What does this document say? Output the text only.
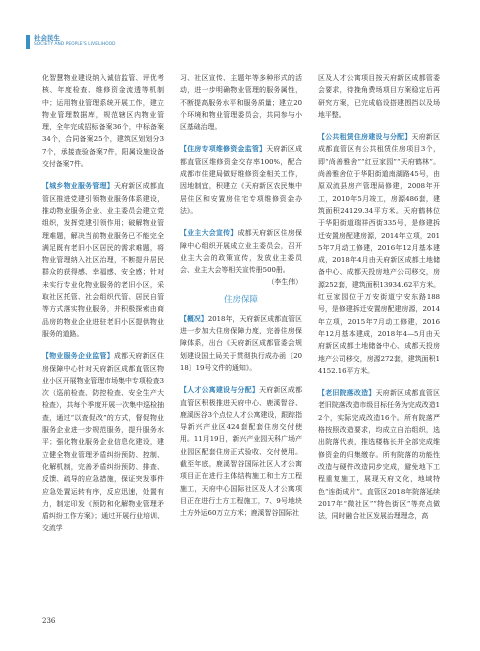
社会民生
SOCIETY AND PEOPLE'S LIVELIHOOD

化智慧物业建设纳入诚信监管、评优考核、年度检查、维修资金流透等机制中；运用物业管理系统开展工作，建立物业管理数据库，规范辖区内物业管理，全年完成招标备案36个，中标备案34个，合同备案25个，建筑区划划分37个，承接查验备案7件，阳属设施设备交付备案7件。

【城乡物业服务管理】天府新区成都直管区推进党建引领物业服务体系建设，推动物业服务企业、业主委员会建立党组织，发挥党建引领作用；破解物业管理难题，解决当前物业服务已不能完全满足既有老旧小区居民的需求难题，将物业管理纳入社区治理，不断提升居民群众的获得感、幸福感、安全感；针对未实行专业化物业服务的老旧小区，采取社区托管、社会组织代管、居民自管等方式落实物业服务，并积极探索由商品房的物业企业进驻老旧小区提供物业服务的道路。

【物业服务企业监管】成都天府新区住房保障中心针对天府新区成都直管区物业小区开展物业管理市场集中专项检查3次（巡前检查、防控检查、安全生产大检查），共每个季度开展一次集中巡检抽查，通过“以查促改”的方式，督促物业服务企业进一步规范服务，提升服务水平；强化物业服务企业信息化建设，建立健全物业管理矛盾纠纷预防、控制、化解机制，完善矛盾纠纷预防、排查、反馈、疏导的应急措施，保证突发事件应急处置运转有序，反应迅速，处置有力，制定印发《预防和化解物业管理矛盾纠纷工作方案》；通过开展行业培训、交流学

习、社区宣传、主题年等多种形式的活动，进一步明确物业管理的服务属性，不断提高服务水平和服务质量；建立20个环境和物业管理委员会，共同参与小区基础治理。

【住房专项维修资金监管】天府新区成都直管区维修资金交存率100%，配合成都市住建局做好维修资金相关工作，因地制宜，积建立《天府新区农民集中居住区和安置房住宅专项维修资金办法》。

【业主大会宣传】成都天府新区住房保障中心组织开展成立业主委员会，召开业主大会的政策宣传，发放业主委员会、业主大会等相关宣传册500册。

（李生伟）

住房保障

【概况】2018年，天府新区成都直管区进一步加大住房保障力度，完善住房保障体系，出台《天府新区成都管委会规划建设国土局关于贯彻执行成办函〔2018〕19号文件的通知》。

【人才公寓建设与分配】天府新区成都直管区积极推进天府中心、鹿溪智谷、鹿溪医谷3个点位人才公寓建设，跟踪指导新兴产业区424套配套住房交付使用。11月19日，新兴产业园天科广场产业园区配套住房正式验收、交付使用。截至年底，鹿溪智谷国际社区人才公寓项目正在进行主体结构施工和土方工程施工，天府中心国际社区及人才公寓项目正在进行土方工程施工，7、9号地块土方外运60万立方米；鹿溪智谷国际社

区及人才公寓项目按天府新区成都管委会要求，待挽角费场项目方案稳定后再研究方案，已完成临设搭建围挡以及场地平整。

【公共租赁住房建设与分配】天府新区成都直管区有公共租赁住房项目3个，即“尚善雅舍”“红豆家园”“天府鹤林”。尚善雅舍位于华阳街道南湖路45号，由原双流县房产管理局修建，2008年开工，2010年5月竣工，房源486套，建筑面积24129.34平方米。天府鹤林位于华阳街道瑞祥西街335号，是修建拆迁安置房配建房源，2014年立项，2015年7月动工修建，2016年12月基本建成，2018年4月由天府新区成都土地储备中心、成都天投房地产公司移交，房源252套，建筑面积13934.62平方米。红豆家园位于万安街道宁安东路188号，是修建拆迁安置房配建房源，2014年立项，2015年7月动工修建，2016年12月基本建成，2018年4—5月由天府新区成都土地储备中心、成都天投房地产公司移交，房源272套，建筑面积14152.16平方米。

【老旧院落改造】天府新区成都直管区老旧院落改造市级目标任务为完成改造12个，实际完成改造16个。所有院落严格按照改造要求，均成立自治组织，选出院落代表，推选楼栋长并全部完成维修资金的归集缴存。所有院落的功能性改造与硬件改造同步完成，避免地下工程重复施工，展现天府文化，地域特色“连街成片”。直管区2018年院落延续2017年“微社区”“特色街区”等亮点做法，同时融合社区发展治理理念，高

236
